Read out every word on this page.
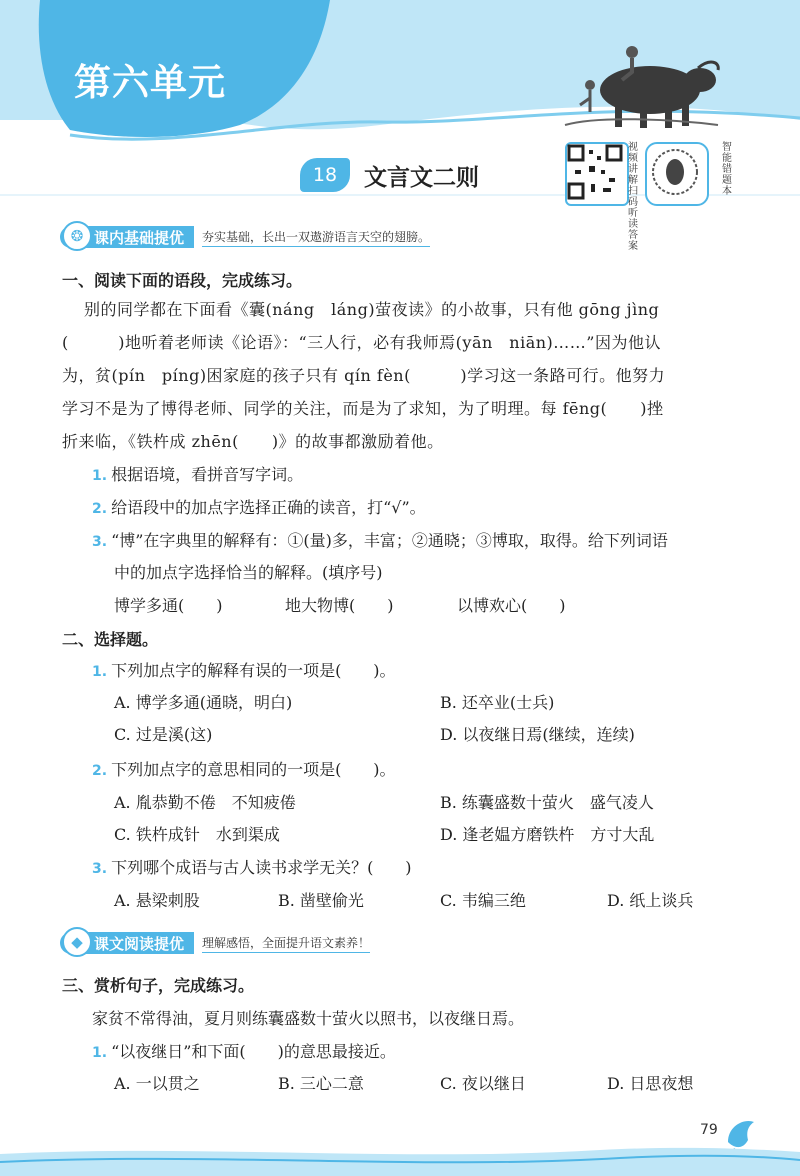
第六单元
18	文言文二则
视频讲解扫码听读答案
智能错题本
❂ 课内基础提优 夯实基础，长出一双遨游语言天空的翅膀。
一、阅读下面的语段，完成练习。
别的同学都在下面看《囊(náng　láng)萤夜读》的小故事，只有他 gōng jìng
(　　　)地听着老师读《论语》：“三人行，必有我师焉(yān　niān)……”因为他认
为，贫(pín　píng)困家庭的孩子只有 qín fèn(　　　)学习这一条路可行。他努力
学习不是为了博得老师、同学的关注，而是为了求知，为了明理。每 fēng(　　)挫
折来临，《铁杵成 zhēn(　　)》的故事都激励着他。
1. 根据语境，看拼音写字词。
2. 给语段中的加点字选择正确的读音，打“√”。
3. “博”在字典里的解释有：①(量)多，丰富；②通晓；③博取，取得。给下列词语
中的加点字选择恰当的解释。(填序号)
博学多通(　　)	地大物博(　　)	以博欢心(　　)
二、选择题。
1. 下列加点字的解释有误的一项是(　　)。
A. 博学多通(通晓，明白)	B. 还卒业(士兵)
C. 过是溪(这)	D. 以夜继日焉(继续，连续)
2. 下列加点字的意思相同的一项是(　　)。
A. 胤恭勤不倦　不知疲倦	B. 练囊盛数十萤火　盛气凌人
C. 铁杵成针　水到渠成	D. 逢老媪方磨铁杵　方寸大乱
3. 下列哪个成语与古人读书求学无关？(　　)
A. 悬梁刺股	B. 凿壁偷光	C. 韦编三绝	D. 纸上谈兵
◆ 课文阅读提优 理解感悟，全面提升语文素养！
三、赏析句子，完成练习。
家贫不常得油，夏月则练囊盛数十萤火以照书，以夜继日焉。
1. “以夜继日”和下面(　　)的意思最接近。
A. 一以贯之	B. 三心二意	C. 夜以继日	D. 日思夜想
79
